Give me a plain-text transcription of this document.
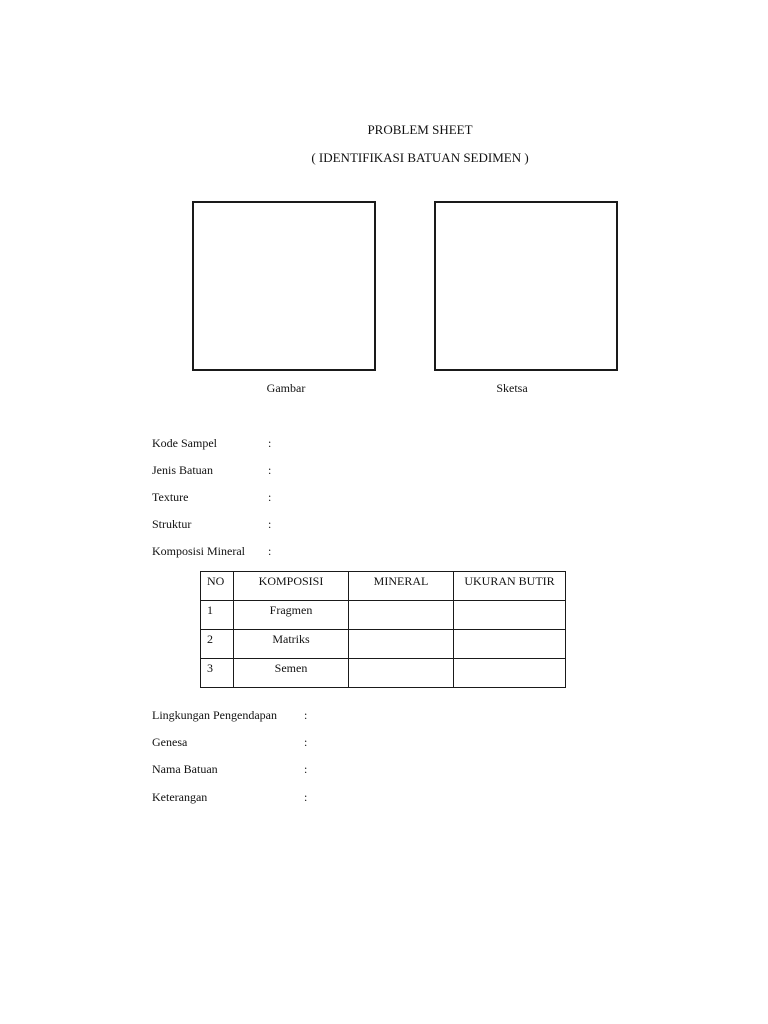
PROBLEM SHEET
( IDENTIFIKASI BATUAN SEDIMEN )
Gambar	Sketsa
Kode Sampel	:
Jenis Batuan	:
Texture	:
Struktur	:
Komposisi Mineral :
NO	KOMPOSISI	MINERAL	UKURAN BUTIR
1	Fragmen		
2	Matriks		
3	Semen		
Lingkungan Pengendapan :
Genesa	:
Nama Batuan	:
Keterangan	:
